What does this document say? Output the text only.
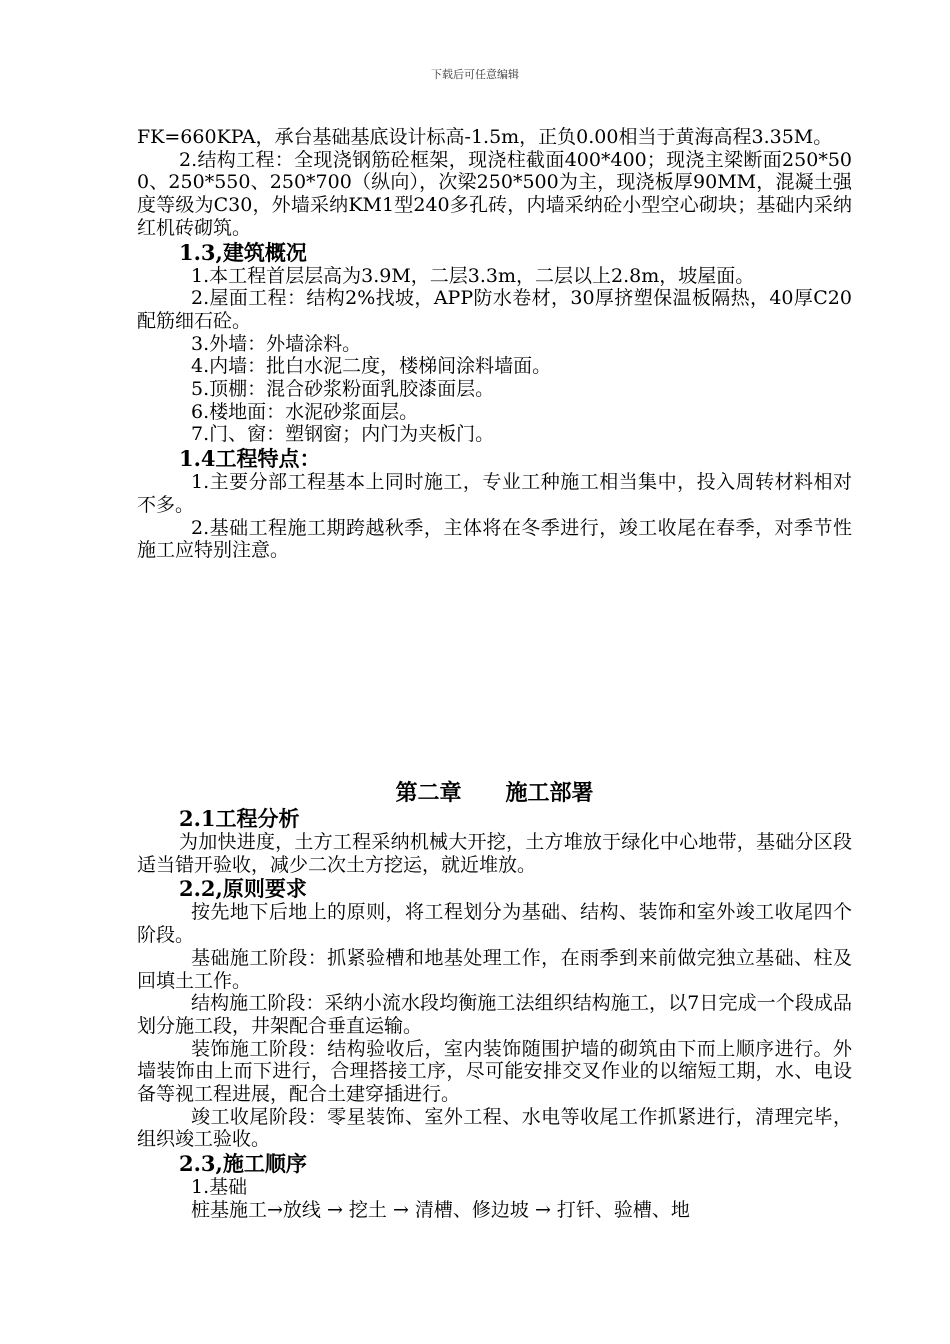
下载后可任意编辑

FK=660KPA，承台基础基底设计标高-1.5m，正负0.00相当于黄海高程3.35M。

2.结构工程：全现浇钢筋砼框架，现浇柱截面400*400；现浇主梁断面250*500、250*550、250*700（纵向），次梁250*500为主，现浇板厚90MM，混凝土强度等级为C30，外墙采纳KM1型240多孔砖，内墙采纳砼小型空心砌块；基础内采纳红机砖砌筑。

1.3,建筑概况

1.本工程首层层高为3.9M，二层3.3m，二层以上2.8m，坡屋面。

2.屋面工程：结构2%找坡，APP防水卷材，30厚挤塑保温板隔热，40厚C20配筋细石砼。

3.外墙：外墙涂料。

4.内墙：批白水泥二度，楼梯间涂料墙面。

5.顶棚：混合砂浆粉面乳胶漆面层。

6.楼地面：水泥砂浆面层。

7.门、窗：塑钢窗；内门为夹板门。

1.4工程特点：

1.主要分部工程基本上同时施工，专业工种施工相当集中，投入周转材料相对不多。

2.基础工程施工期跨越秋季，主体将在冬季进行，竣工收尾在春季，对季节性施工应特别注意。

第二章　　施工部署

2.1工程分析

为加快进度，土方工程采纳机械大开挖，土方堆放于绿化中心地带，基础分区段适当错开验收，减少二次土方挖运，就近堆放。

2.2,原则要求

按先地下后地上的原则，将工程划分为基础、结构、装饰和室外竣工收尾四个阶段。

基础施工阶段：抓紧验槽和地基处理工作，在雨季到来前做完独立基础、柱及回填土工作。

结构施工阶段：采纳小流水段均衡施工法组织结构施工，以7日完成一个段成品划分施工段，井架配合垂直运输。

装饰施工阶段：结构验收后，室内装饰随围护墙的砌筑由下而上顺序进行。外墙装饰由上而下进行，合理搭接工序，尽可能安排交叉作业的以缩短工期，水、电设备等视工程进展，配合土建穿插进行。

竣工收尾阶段：零星装饰、室外工程、水电等收尾工作抓紧进行，清理完毕，组织竣工验收。

2.3,施工顺序

1.基础

桩基施工→放线 → 挖土 → 清槽、修边坡 → 打钎、验槽、地
